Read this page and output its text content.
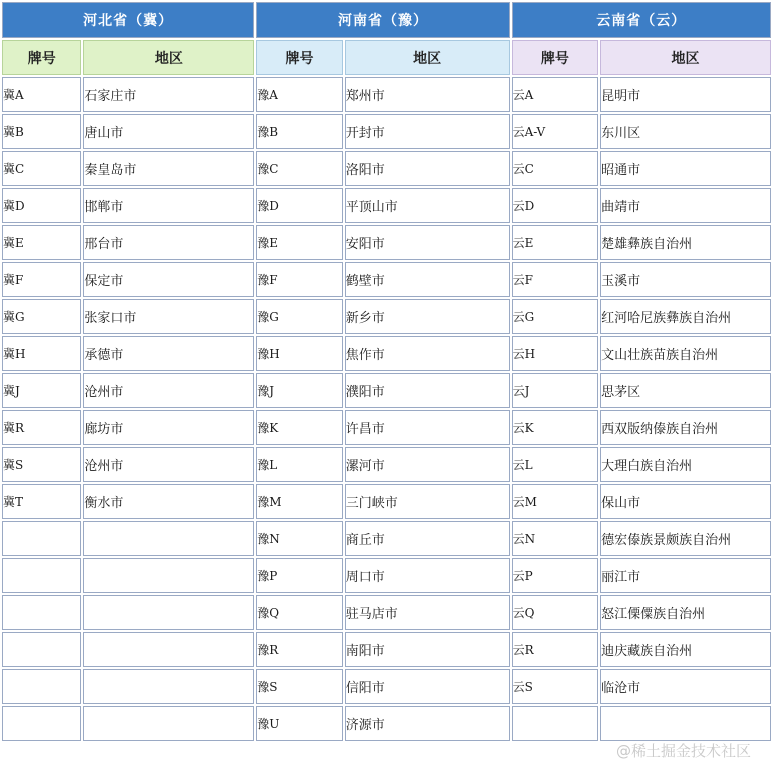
河北省（冀）		河南省（豫）		云南省（云）	
牌号	地区	牌号	地区	牌号	地区
冀A	石家庄市	豫A	郑州市	云A	昆明市
冀B	唐山市	豫B	开封市	云A-V	东川区
冀C	秦皇岛市	豫C	洛阳市	云C	昭通市
冀D	邯郸市	豫D	平顶山市	云D	曲靖市
冀E	邢台市	豫E	安阳市	云E	楚雄彝族自治州
冀F	保定市	豫F	鹤壁市	云F	玉溪市
冀G	张家口市	豫G	新乡市	云G	红河哈尼族彝族自治州
冀H	承德市	豫H	焦作市	云H	文山壮族苗族自治州
冀J	沧州市	豫J	濮阳市	云J	思茅区
冀R	廊坊市	豫K	许昌市	云K	西双版纳傣族自治州
冀S	沧州市	豫L	漯河市	云L	大理白族自治州
冀T	衡水市	豫M	三门峡市	云M	保山市
		豫N	商丘市	云N	德宏傣族景颇族自治州
		豫P	周口市	云P	丽江市
		豫Q	驻马店市	云Q	怒江傈僳族自治州
		豫R	南阳市	云R	迪庆藏族自治州
		豫S	信阳市	云S	临沧市
		豫U	济源市		
@稀土掘金技术社区
